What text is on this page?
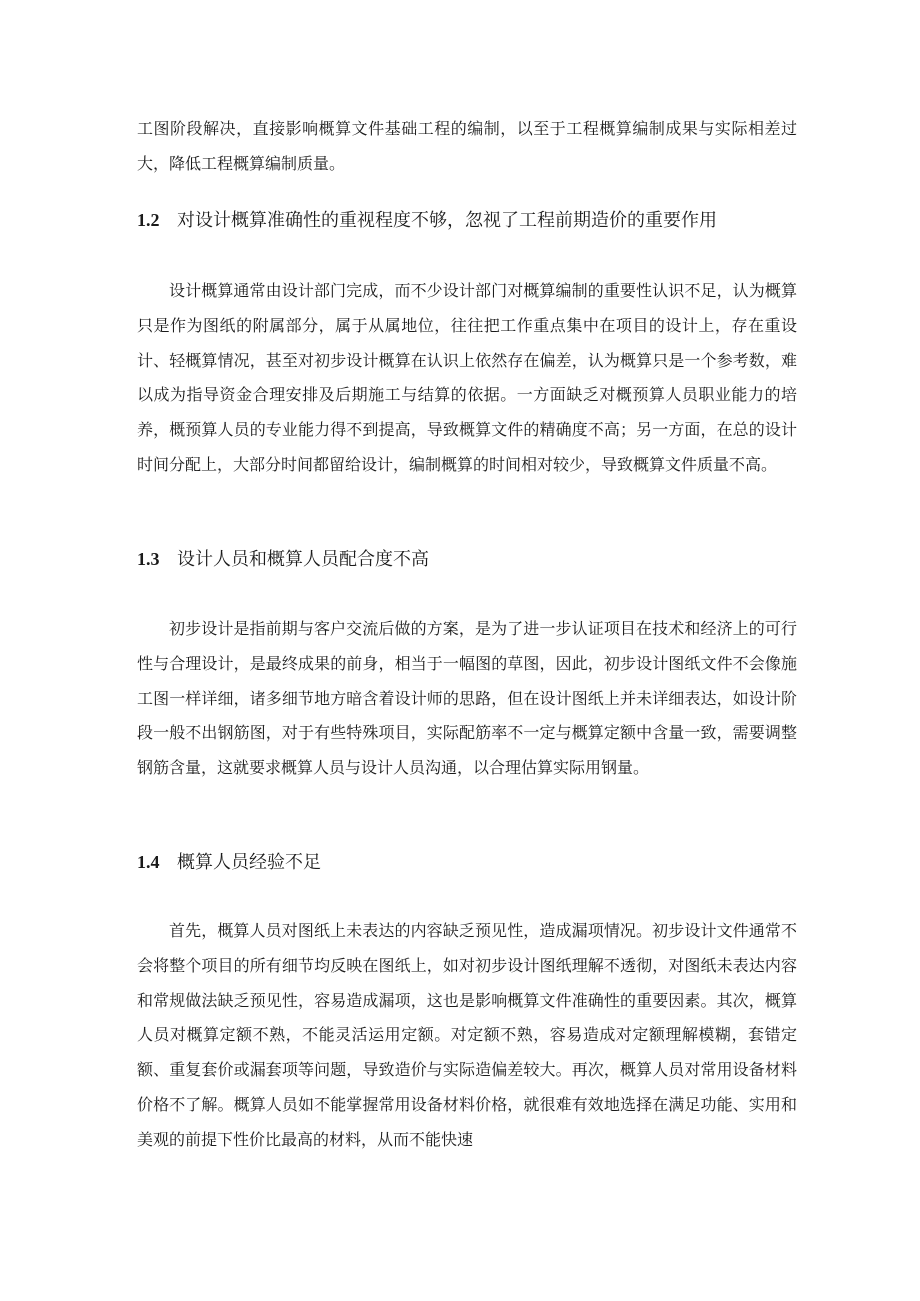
工图阶段解决，直接影响概算文件基础工程的编制，以至于工程概算编制成果与实际相差过大，降低工程概算编制质量。

1.2 对设计概算准确性的重视程度不够，忽视了工程前期造价的重要作用

设计概算通常由设计部门完成，而不少设计部门对概算编制的重要性认识不足，认为概算只是作为图纸的附属部分，属于从属地位，往往把工作重点集中在项目的设计上，存在重设计、轻概算情况，甚至对初步设计概算在认识上依然存在偏差，认为概算只是一个参考数，难以成为指导资金合理安排及后期施工与结算的依据。一方面缺乏对概预算人员职业能力的培养，概预算人员的专业能力得不到提高，导致概算文件的精确度不高；另一方面，在总的设计时间分配上，大部分时间都留给设计，编制概算的时间相对较少，导致概算文件质量不高。

1.3 设计人员和概算人员配合度不高

初步设计是指前期与客户交流后做的方案，是为了进一步认证项目在技术和经济上的可行性与合理设计，是最终成果的前身，相当于一幅图的草图，因此，初步设计图纸文件不会像施工图一样详细，诸多细节地方暗含着设计师的思路，但在设计图纸上并未详细表达，如设计阶段一般不出钢筋图，对于有些特殊项目，实际配筋率不一定与概算定额中含量一致，需要调整钢筋含量，这就要求概算人员与设计人员沟通，以合理估算实际用钢量。

1.4 概算人员经验不足

首先，概算人员对图纸上未表达的内容缺乏预见性，造成漏项情况。初步设计文件通常不会将整个项目的所有细节均反映在图纸上，如对初步设计图纸理解不透彻，对图纸未表达内容和常规做法缺乏预见性，容易造成漏项，这也是影响概算文件准确性的重要因素。其次，概算人员对概算定额不熟，不能灵活运用定额。对定额不熟，容易造成对定额理解模糊，套错定额、重复套价或漏套项等问题，导致造价与实际造偏差较大。再次，概算人员对常用设备材料价格不了解。概算人员如不能掌握常用设备材料价格，就很难有效地选择在满足功能、实用和美观的前提下性价比最高的材料，从而不能快速
